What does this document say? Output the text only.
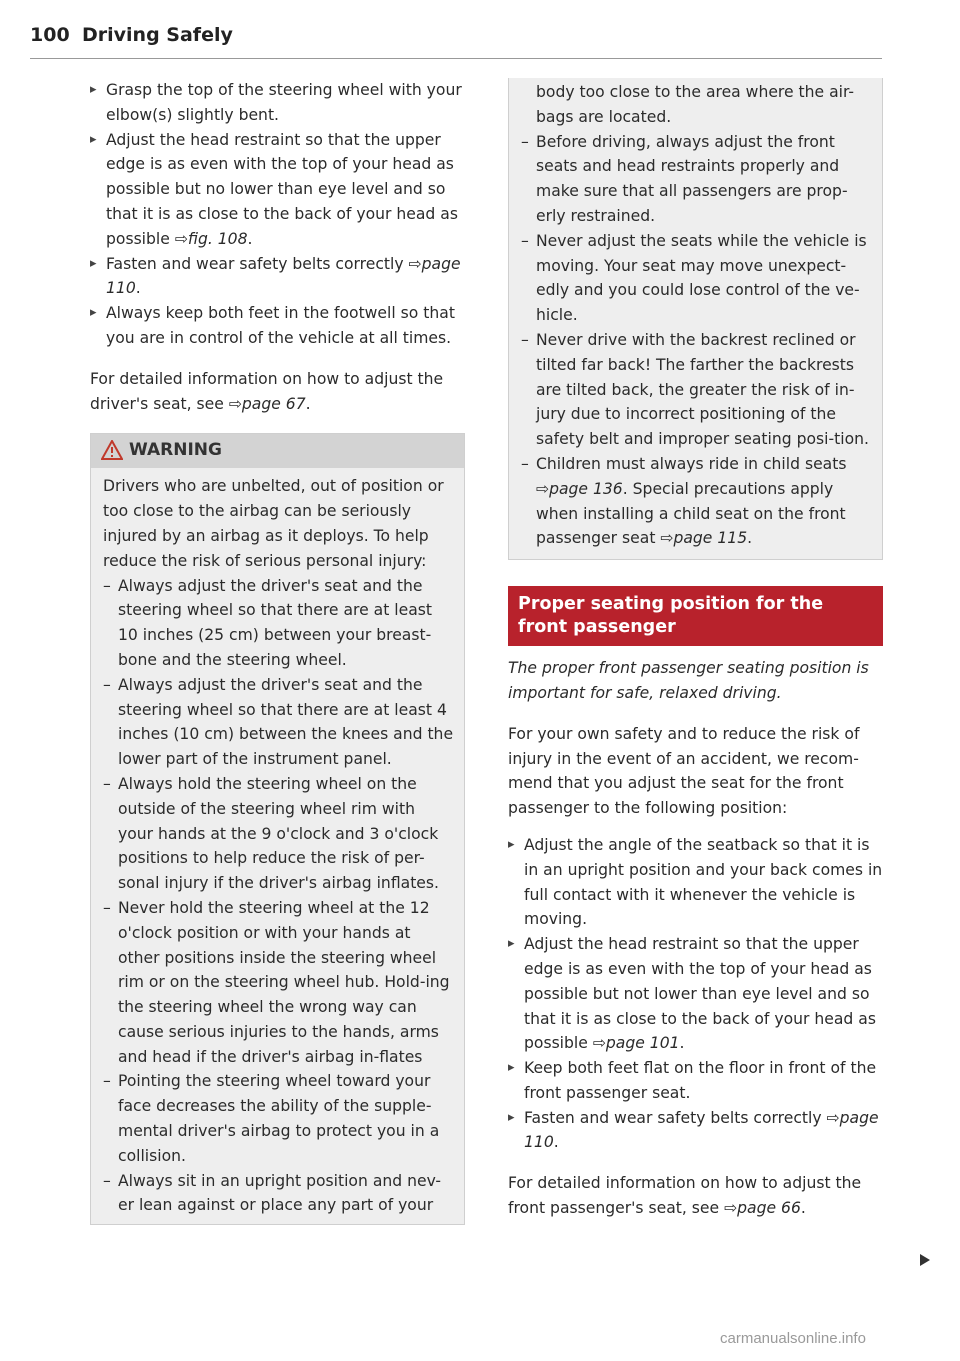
100 Driving Safely

▸ Grasp the top of the steering wheel with your elbow(s) slightly bent.

▸ Adjust the head restraint so that the upper edge is as even with the top of your head as possible but no lower than eye level and so that it is as close to the back of your head as possible ⇨fig. 108.

▸ Fasten and wear safety belts correctly ⇨page 110.

▸ Always keep both feet in the footwell so that you are in control of the vehicle at all times.

For detailed information on how to adjust the driver's seat, see ⇨page 67.

WARNING

Drivers who are unbelted, out of position or too close to the airbag can be seriously injured by an airbag as it deploys. To help reduce the risk of serious personal injury:

– Always adjust the driver's seat and the steering wheel so that there are at least 10 inches (25 cm) between your breast-bone and the steering wheel.

– Always adjust the driver's seat and the steering wheel so that there are at least 4 inches (10 cm) between the knees and the lower part of the instrument panel.

– Always hold the steering wheel on the outside of the steering wheel rim with your hands at the 9 o'clock and 3 o'clock positions to help reduce the risk of per-sonal injury if the driver's airbag inflates.

– Never hold the steering wheel at the 12 o'clock position or with your hands at other positions inside the steering wheel rim or on the steering wheel hub. Hold-ing the steering wheel the wrong way can cause serious injuries to the hands, arms and head if the driver's airbag in-flates

– Pointing the steering wheel toward your face decreases the ability of the supple-mental driver's airbag to protect you in a collision.

– Always sit in an upright position and nev-er lean against or place any part of your

body too close to the area where the air-bags are located.

– Before driving, always adjust the front seats and head restraints properly and make sure that all passengers are prop-erly restrained.

– Never adjust the seats while the vehicle is moving. Your seat may move unexpect-edly and you could lose control of the ve-hicle.

– Never drive with the backrest reclined or tilted far back! The farther the backrests are tilted back, the greater the risk of in-jury due to incorrect positioning of the safety belt and improper seating posi-tion.

– Children must always ride in child seats ⇨page 136. Special precautions apply when installing a child seat on the front passenger seat ⇨page 115.

Proper seating position for the front passenger

The proper front passenger seating position is important for safe, relaxed driving.

For your own safety and to reduce the risk of injury in the event of an accident, we recom-mend that you adjust the seat for the front passenger to the following position:

▸ Adjust the angle of the seatback so that it is in an upright position and your back comes in full contact with it whenever the vehicle is moving.

▸ Adjust the head restraint so that the upper edge is as even with the top of your head as possible but not lower than eye level and so that it is as close to the back of your head as possible ⇨page 101.

▸ Keep both feet flat on the floor in front of the front passenger seat.

▸ Fasten and wear safety belts correctly ⇨page 110.

For detailed information on how to adjust the front passenger's seat, see ⇨page 66.

carmanualsonline.info
